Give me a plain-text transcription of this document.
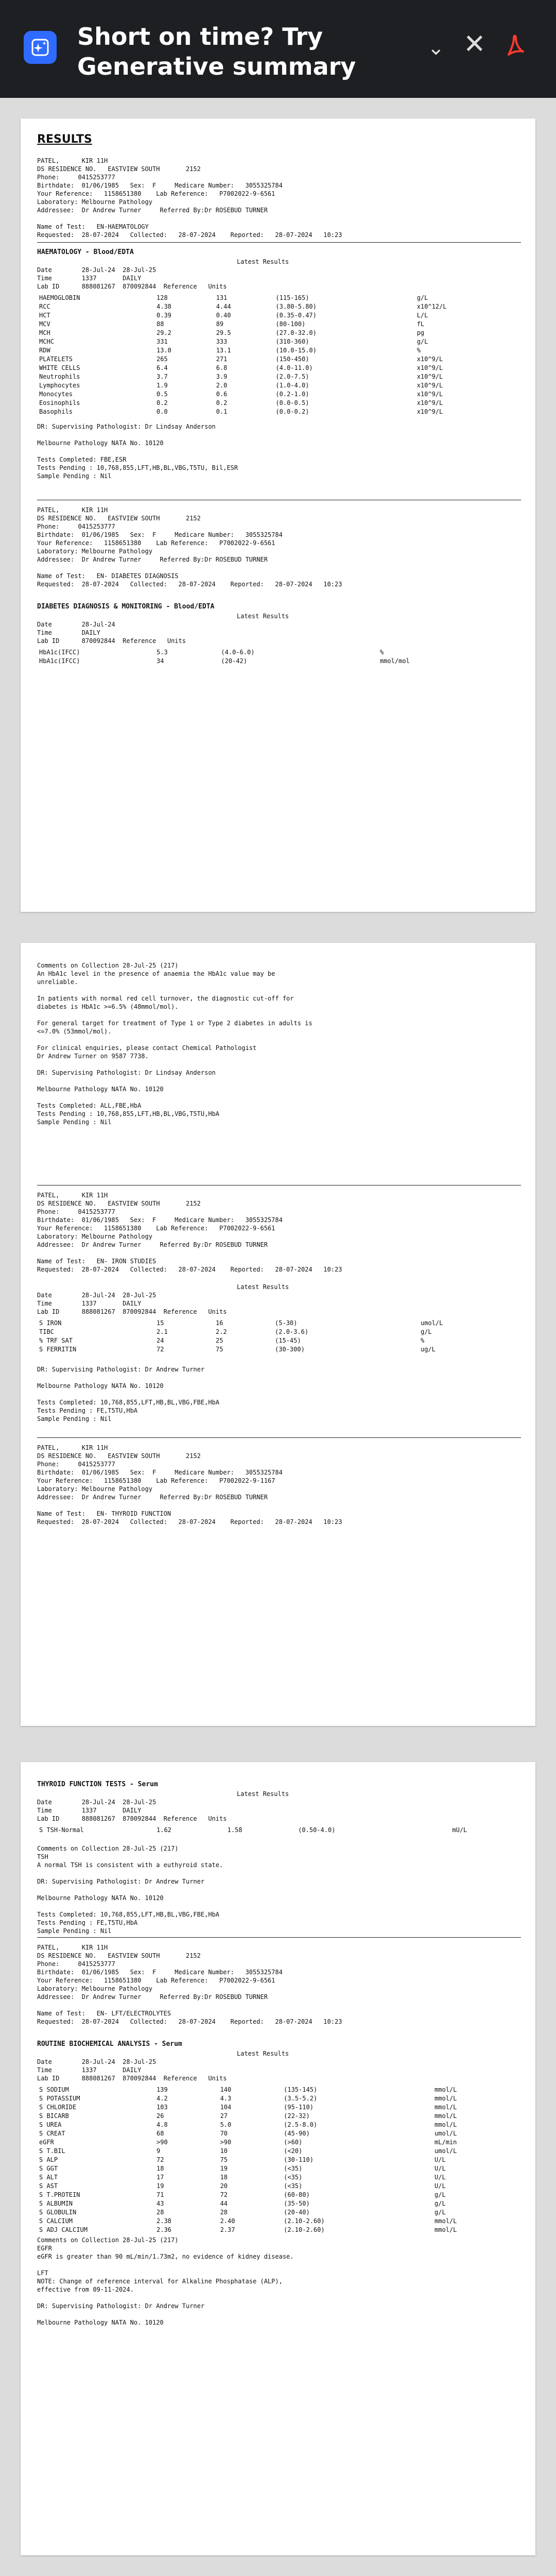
Short on time? Try
Generative summary
⌄ ✕
RESULTS
PATEL,      KIR 11H
DS RESIDENCE NO.   EASTVIEW SOUTH       2152
Phone:     0415253777
Birthdate:  01/06/1985   Sex:  F     Medicare Number:   3055325784
Your Reference:   1158651380    Lab Reference:   P7002022-9-6561
Laboratory: Melbourne Pathology
Addressee:  Dr Andrew Turner     Referred By:Dr ROSEBUD TURNER

Name of Test:   EN-HAEMATOLOGY
Requested:  28-07-2024   Collected:   28-07-2024    Reported:   28-07-2024   10:23
HAEMATOLOGY - Blood/EDTA
Latest Results
Date        28-Jul-24  28-Jul-25
Time        1337       DAILY
Lab ID      888081267  870092844  Reference   Units
HAEMOGLOBIN	128	131	(115-165)	g/L
RCC	4.38	4.44	(3.80-5.80)	x10^12/L
HCT	0.39	0.40	(0.35-0.47)	L/L
MCV	88	89	(80-100)	fL
MCH	29.2	29.5	(27.0-32.0)	pg
MCHC	331	333	(310-360)	g/L
RDW	13.0	13.1	(10.0-15.0)	%
PLATELETS	265	271	(150-450)	x10^9/L
WHITE CELLS	6.4	6.8	(4.0-11.0)	x10^9/L
Neutrophils	3.7	3.9	(2.0-7.5)	x10^9/L
Lymphocytes	1.9	2.0	(1.0-4.0)	x10^9/L
Monocytes	0.5	0.6	(0.2-1.0)	x10^9/L
Eosinophils	0.2	0.2	(0.0-0.5)	x10^9/L
Basophils	0.0	0.1	(0.0-0.2)	x10^9/L
DR: Supervising Pathologist: Dr Lindsay Anderson

Melbourne Pathology NATA No. 10120

Tests Completed: FBE,ESR
Tests Pending : 10,768,855,LFT,HB,BL,VBG,T5TU, Bil,ESR
Sample Pending : Nil
PATEL,      KIR 11H
DS RESIDENCE NO.   EASTVIEW SOUTH       2152
Phone:     0415253777
Birthdate:  01/06/1985   Sex:  F     Medicare Number:   3055325784
Your Reference:   1158651380    Lab Reference:   P7002022-9-6561
Laboratory: Melbourne Pathology
Addressee:  Dr Andrew Turner     Referred By:Dr ROSEBUD TURNER

Name of Test:   EN- DIABETES DIAGNOSIS
Requested:  28-07-2024   Collected:   28-07-2024    Reported:   28-07-2024   10:23
DIABETES DIAGNOSIS & MONITORING - Blood/EDTA
Latest Results
Date        28-Jul-24
Time        DAILY
Lab ID      870092844  Reference   Units
HbA1c(IFCC)	5.3	(4.0-6.0)	%
HbA1c(IFCC)	34	(20-42)	mmol/mol
Comments on Collection 28-Jul-25 (217)
An HbA1c level in the presence of anaemia the HbA1c value may be
unreliable.

In patients with normal red cell turnover, the diagnostic cut-off for
diabetes is HbA1c >=6.5% (48mmol/mol).

For general target for treatment of Type 1 or Type 2 diabetes in adults is
<=7.0% (53mmol/mol).

For clinical enquiries, please contact Chemical Pathologist
Dr Andrew Turner on 9587 7738.

DR: Supervising Pathologist: Dr Lindsay Anderson

Melbourne Pathology NATA No. 10120

Tests Completed: ALL,FBE,HbA
Tests Pending : 10,768,855,LFT,HB,BL,VBG,T5TU,HbA
Sample Pending : Nil
PATEL,      KIR 11H
DS RESIDENCE NO.   EASTVIEW SOUTH       2152
Phone:     0415253777
Birthdate:  01/06/1985   Sex:  F     Medicare Number:   3055325784
Your Reference:   1158651380    Lab Reference:   P7002022-9-6561
Laboratory: Melbourne Pathology
Addressee:  Dr Andrew Turner     Referred By:Dr ROSEBUD TURNER

Name of Test:   EN- IRON STUDIES
Requested:  28-07-2024   Collected:   28-07-2024    Reported:   28-07-2024   10:23
Latest Results
Date        28-Jul-24  28-Jul-25
Time        1337       DAILY
Lab ID      888081267  870092844  Reference   Units
S IRON	15	16	(5-30)	umol/L
TIBC	2.1	2.2	(2.0-3.6)	g/L
% TRF SAT	24	25	(15-45)	%
S FERRITIN	72	75	(30-300)	ug/L
DR: Supervising Pathologist: Dr Andrew Turner

Melbourne Pathology NATA No. 10120

Tests Completed: 10,768,855,LFT,HB,BL,VBG,FBE,HbA
Tests Pending : FE,T5TU,HbA
Sample Pending : Nil
PATEL,      KIR 11H
DS RESIDENCE NO.   EASTVIEW SOUTH       2152
Phone:     0415253777
Birthdate:  01/06/1985   Sex:  F     Medicare Number:   3055325784
Your Reference:   1158651380    Lab Reference:   P7002022-9-1167
Laboratory: Melbourne Pathology
Addressee:  Dr Andrew Turner     Referred By:Dr ROSEBUD TURNER

Name of Test:   EN- THYROID FUNCTION
Requested:  28-07-2024   Collected:   28-07-2024    Reported:   28-07-2024   10:23
THYROID FUNCTION TESTS - Serum
Latest Results
Date        28-Jul-24  28-Jul-25
Time        1337       DAILY
Lab ID      888081267  870092844  Reference   Units
S TSH-Normal	1.62	1.58	(0.50-4.0)	mU/L
Comments on Collection 28-Jul-25 (217)
TSH
A normal TSH is consistent with a euthyroid state.

DR: Supervising Pathologist: Dr Andrew Turner

Melbourne Pathology NATA No. 10120

Tests Completed: 10,768,855,LFT,HB,BL,VBG,FBE,HbA
Tests Pending : FE,T5TU,HbA
Sample Pending : Nil
PATEL,      KIR 11H
DS RESIDENCE NO.   EASTVIEW SOUTH       2152
Phone:     0415253777
Birthdate:  01/06/1985   Sex:  F     Medicare Number:   3055325784
Your Reference:   1158651380    Lab Reference:   P7002022-9-6561
Laboratory: Melbourne Pathology
Addressee:  Dr Andrew Turner     Referred By:Dr ROSEBUD TURNER

Name of Test:   EN- LFT/ELECTROLYTES
Requested:  28-07-2024   Collected:   28-07-2024    Reported:   28-07-2024   10:23
ROUTINE BIOCHEMICAL ANALYSIS - Serum
Latest Results
Date        28-Jul-24  28-Jul-25
Time        1337       DAILY
Lab ID      888081267  870092844  Reference   Units
S SODIUM	139	140	(135-145)	mmol/L
S POTASSIUM	4.2	4.3	(3.5-5.2)	mmol/L
S CHLORIDE	103	104	(95-110)	mmol/L
S BICARB	26	27	(22-32)	mmol/L
S UREA	4.8	5.0	(2.5-8.0)	mmol/L
S CREAT	68	70	(45-90)	umol/L
eGFR	>90	>90	(>60)	mL/min
S T.BIL	9	10	(<20)	umol/L
S ALP	72	75	(30-110)	U/L
S GGT	18	19	(<35)	U/L
S ALT	17	18	(<35)	U/L
S AST	19	20	(<35)	U/L
S T.PROTEIN	71	72	(60-80)	g/L
S ALBUMIN	43	44	(35-50)	g/L
S GLOBULIN	28	28	(20-40)	g/L
S CALCIUM	2.38	2.40	(2.10-2.60)	mmol/L
S ADJ CALCIUM	2.36	2.37	(2.10-2.60)	mmol/L
Comments on Collection 28-Jul-25 (217)
EGFR
eGFR is greater than 90 mL/min/1.73m2, no evidence of kidney disease.

LFT
NOTE: Change of reference interval for Alkaline Phosphatase (ALP),
effective from 09-11-2024.

DR: Supervising Pathologist: Dr Andrew Turner

Melbourne Pathology NATA No. 10120
